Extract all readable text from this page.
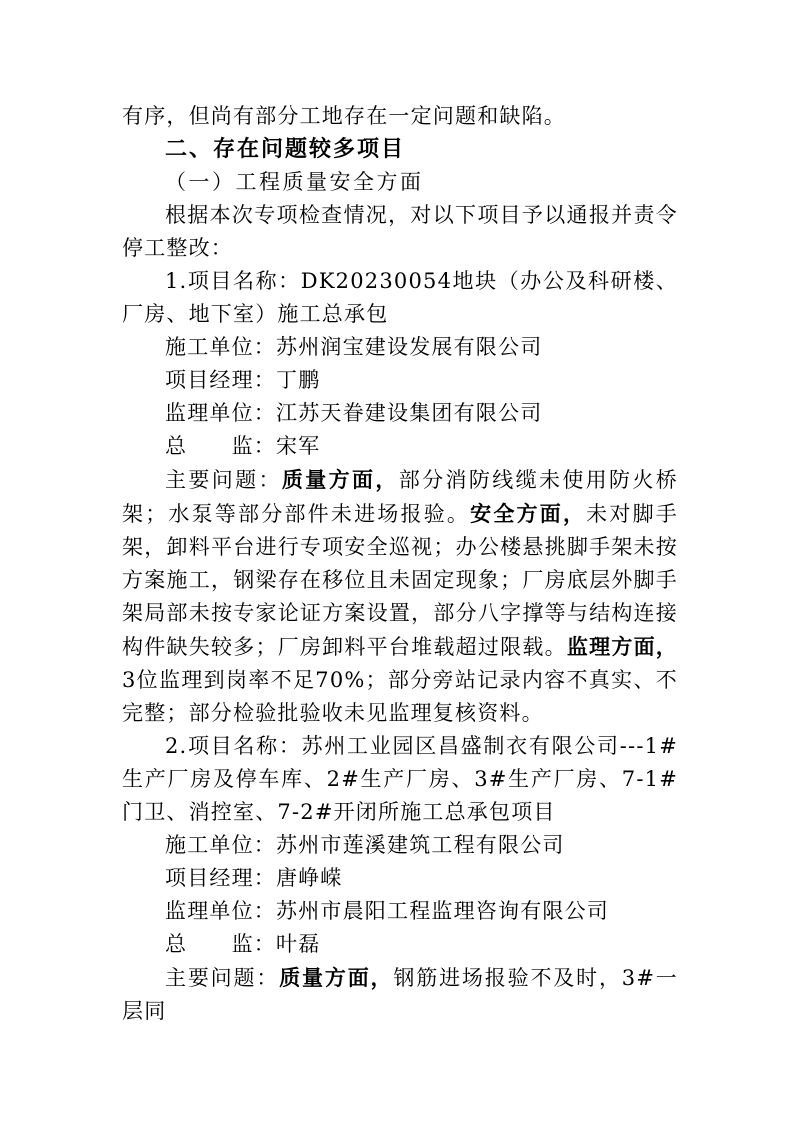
有序，但尚有部分工地存在一定问题和缺陷。

二、存在问题较多项目

（一）工程质量安全方面

根据本次专项检查情况，对以下项目予以通报并责令停工整改：

1.项目名称：DK20230054地块（办公及科研楼、厂房、地下室）施工总承包

施工单位：苏州润宝建设发展有限公司

项目经理：丁鹏

监理单位：江苏天眷建设集团有限公司

总　　监：宋军

主要问题：质量方面，部分消防线缆未使用防火桥架；水泵等部分部件未进场报验。安全方面，未对脚手架，卸料平台进行专项安全巡视；办公楼悬挑脚手架未按方案施工，钢梁存在移位且未固定现象；厂房底层外脚手架局部未按专家论证方案设置，部分八字撑等与结构连接构件缺失较多；厂房卸料平台堆载超过限载。监理方面，3位监理到岗率不足70%；部分旁站记录内容不真实、不完整；部分检验批验收未见监理复核资料。

2.项目名称：苏州工业园区昌盛制衣有限公司---1#生产厂房及停车库、2#生产厂房、3#生产厂房、7-1#门卫、消控室、7-2#开闭所施工总承包项目

施工单位：苏州市莲溪建筑工程有限公司

项目经理：唐峥嵘

监理单位：苏州市晨阳工程监理咨询有限公司

总　　监：叶磊

主要问题：质量方面，钢筋进场报验不及时，3#一层同
